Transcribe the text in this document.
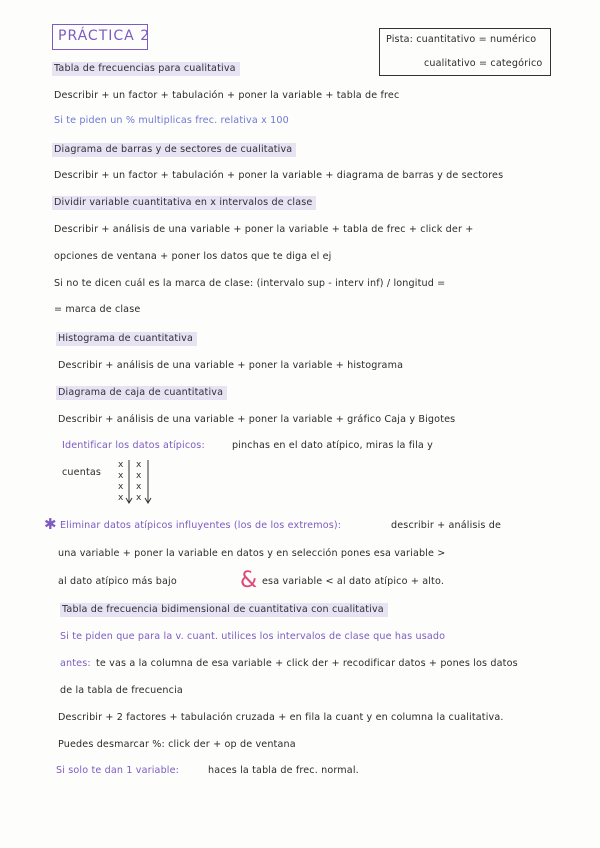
PRÁCTICA 2	Pista: cuantitativo = numérico
cualitativo = categórico
Tabla de frecuencias para cualitativa
Describir + un factor + tabulación + poner la variable + tabla de frec
Si te piden un % multiplicas frec. relativa x 100
Diagrama de barras y de sectores de cualitativa
Describir + un factor + tabulación + poner la variable + diagrama de barras y de sectores
Dividir variable cuantitativa en x intervalos de clase
Describir + análisis de una variable + poner la variable + tabla de frec + click der +
opciones de ventana + poner los datos que te diga el ej
Si no te dicen cuál es la marca de clase: (intervalo sup - interv inf) / longitud =
= marca de clase
Histograma de cuantitativa
Describir + análisis de una variable + poner la variable + histograma
Diagrama de caja de cuantitativa
Describir + análisis de una variable + poner la variable + gráfico Caja y Bigotes
Identificar los datos atípicos:	pinchas en el dato atípico, miras la fila y
cuentas
x
x
x
x
x
x
x
x
✱ Eliminar datos atípicos influyentes (los de los extremos):	describir + análisis de
una variable + poner la variable en datos y en selección pones esa variable >
al dato atípico más bajo	& esa variable < al dato atípico + alto.
Tabla de frecuencia bidimensional de cuantitativa con cualitativa
Si te piden que para la v. cuant. utilices los intervalos de clase que has usado
antes: te vas a la columna de esa variable + click der + recodificar datos + pones los datos
de la tabla de frecuencia
Describir + 2 factores + tabulación cruzada + en fila la cuant y en columna la cualitativa.
Puedes desmarcar %: click der + op de ventana
Si solo te dan 1 variable:	haces la tabla de frec. normal.
